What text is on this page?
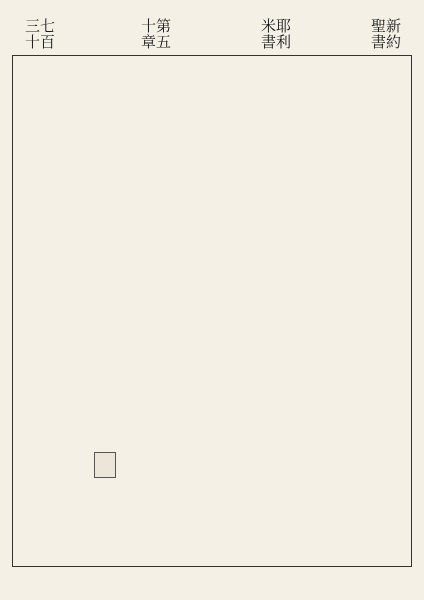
新約聖書
耶利米書
第五十章
七百三十
